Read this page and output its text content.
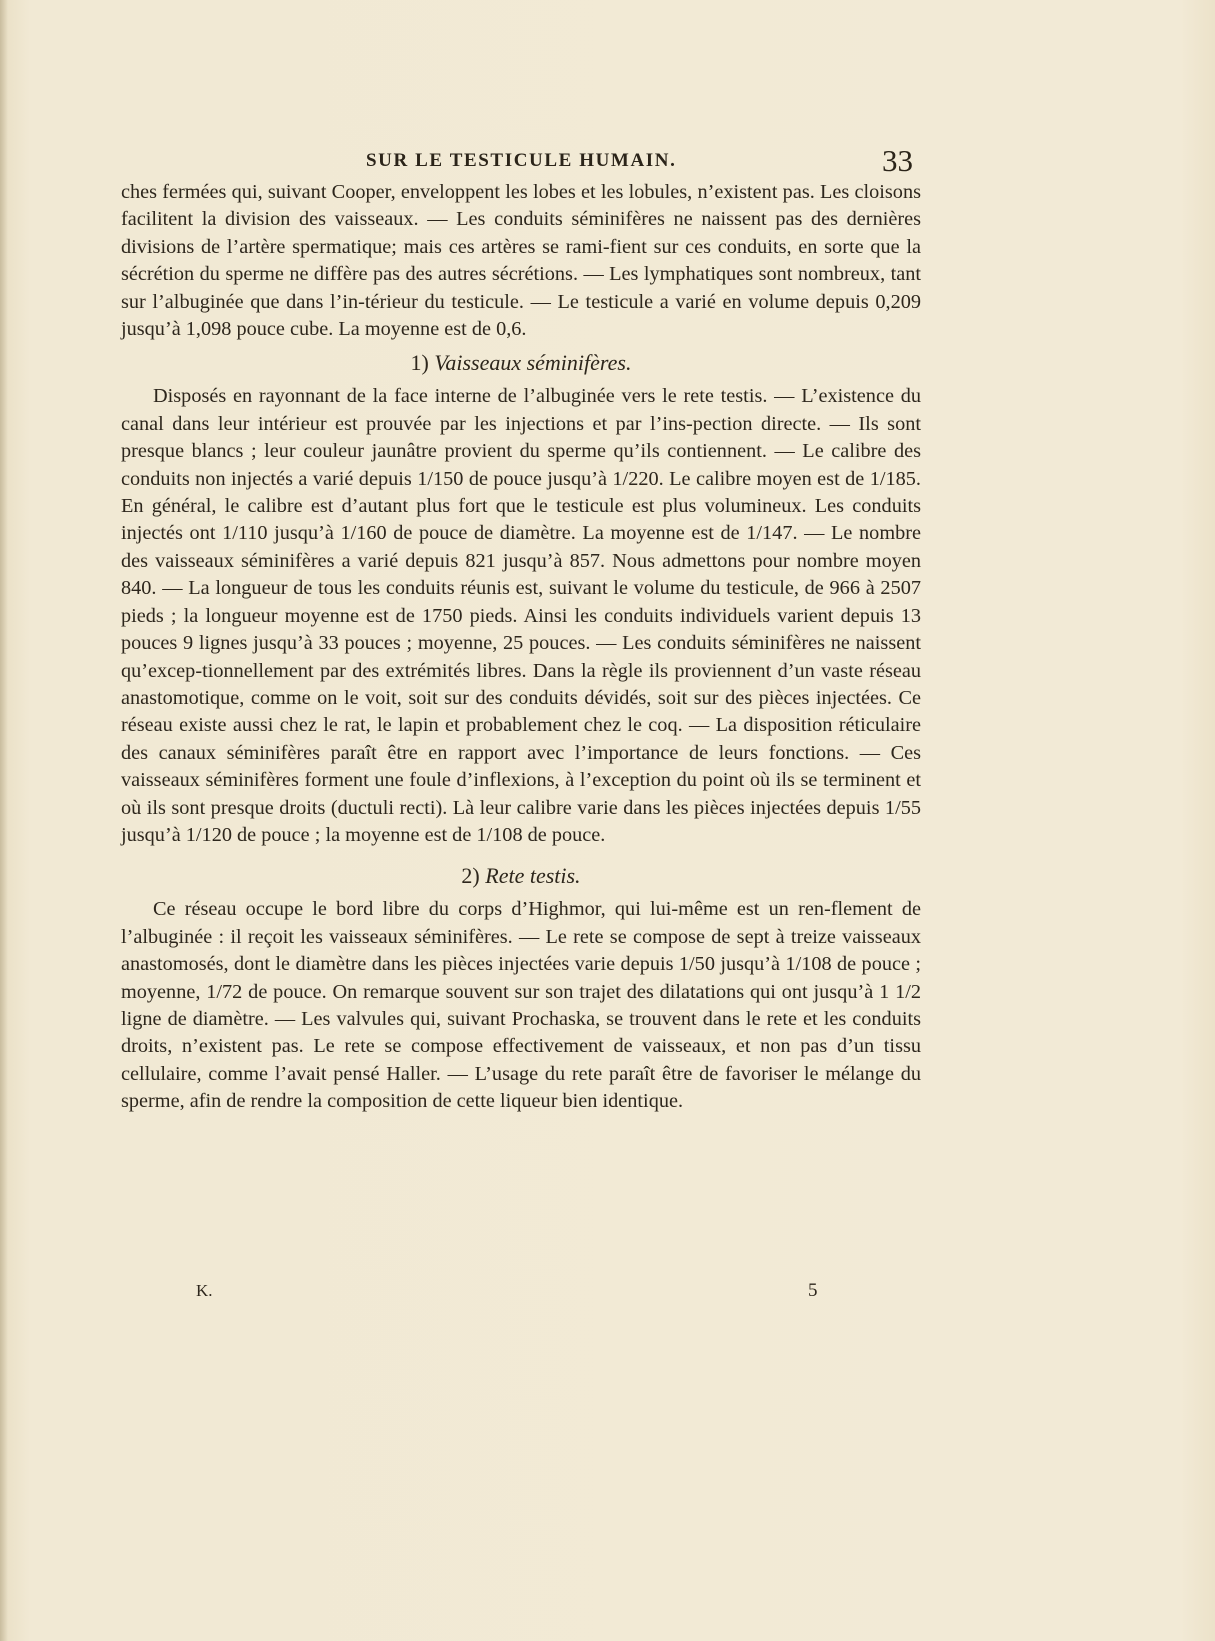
SUR LE TESTICULE HUMAIN.	33

ches fermées qui, suivant Cooper, enveloppent les lobes et les lobules, n’existent pas. Les cloisons facilitent la division des vaisseaux. — Les conduits séminifères ne naissent pas des dernières divisions de l’artère spermatique; mais ces artères se rami-fient sur ces conduits, en sorte que la sécrétion du sperme ne diffère pas des autres sécrétions. — Les lymphatiques sont nombreux, tant sur l’albuginée que dans l’in-térieur du testicule. — Le testicule a varié en volume depuis 0,209 jusqu’à 1,098 pouce cube. La moyenne est de 0,6.

1) Vaisseaux séminifères.

Disposés en rayonnant de la face interne de l’albuginée vers le rete testis. — L’existence du canal dans leur intérieur est prouvée par les injections et par l’ins-pection directe. — Ils sont presque blancs ; leur couleur jaunâtre provient du sperme qu’ils contiennent. — Le calibre des conduits non injectés a varié depuis 1/150 de pouce jusqu’à 1/220. Le calibre moyen est de 1/185. En général, le calibre est d’autant plus fort que le testicule est plus volumineux. Les conduits injectés ont 1/110 jusqu’à 1/160 de pouce de diamètre. La moyenne est de 1/147. — Le nombre des vaisseaux séminifères a varié depuis 821 jusqu’à 857. Nous admettons pour nombre moyen 840. — La longueur de tous les conduits réunis est, suivant le volume du testicule, de 966 à 2507 pieds ; la longueur moyenne est de 1750 pieds. Ainsi les conduits individuels varient depuis 13 pouces 9 lignes jusqu’à 33 pouces ; moyenne, 25 pouces. — Les conduits séminifères ne naissent qu’excep-tionnellement par des extrémités libres. Dans la règle ils proviennent d’un vaste réseau anastomotique, comme on le voit, soit sur des conduits dévidés, soit sur des pièces injectées. Ce réseau existe aussi chez le rat, le lapin et probablement chez le coq. — La disposition réticulaire des canaux séminifères paraît être en rapport avec l’importance de leurs fonctions. — Ces vaisseaux séminifères forment une foule d’inflexions, à l’exception du point où ils se terminent et où ils sont presque droits (ductuli recti). Là leur calibre varie dans les pièces injectées depuis 1/55 jusqu’à 1/120 de pouce ; la moyenne est de 1/108 de pouce.

2) Rete testis.

Ce réseau occupe le bord libre du corps d’Highmor, qui lui-même est un ren-flement de l’albuginée : il reçoit les vaisseaux séminifères. — Le rete se compose de sept à treize vaisseaux anastomosés, dont le diamètre dans les pièces injectées varie depuis 1/50 jusqu’à 1/108 de pouce ; moyenne, 1/72 de pouce. On remarque souvent sur son trajet des dilatations qui ont jusqu’à 1 1/2 ligne de diamètre. — Les valvules qui, suivant Prochaska, se trouvent dans le rete et les conduits droits, n’existent pas. Le rete se compose effectivement de vaisseaux, et non pas d’un tissu cellulaire, comme l’avait pensé Haller. — L’usage du rete paraît être de favoriser le mélange du sperme, afin de rendre la composition de cette liqueur bien identique.

K.	5
